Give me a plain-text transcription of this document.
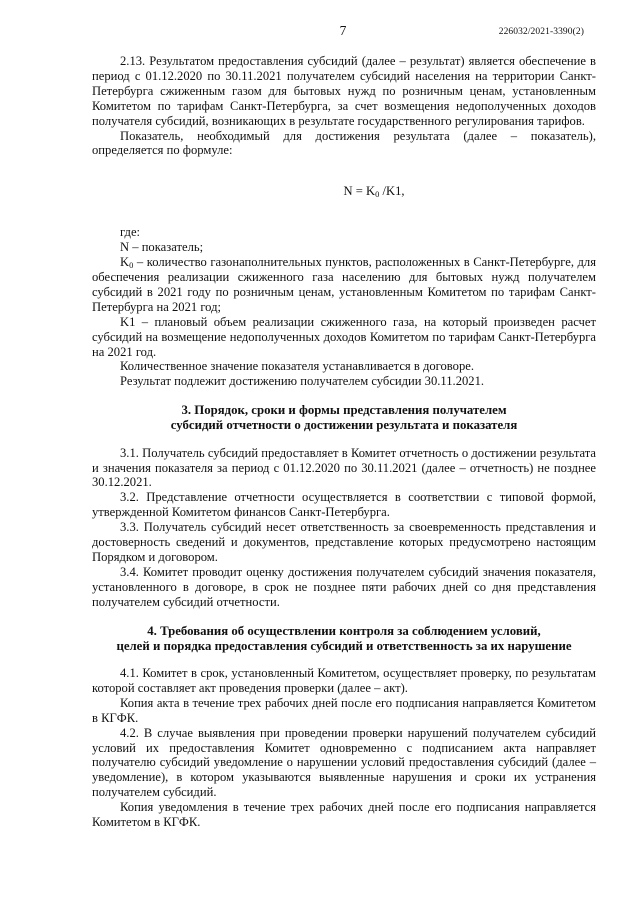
7	226032/2021-3390(2)

2.13. Результатом предоставления субсидий (далее – результат) является обеспечение в период с 01.12.2020 по 30.11.2021 получателем субсидий населения на территории Санкт-Петербурга сжиженным газом для бытовых нужд по розничным ценам, установленным Комитетом по тарифам Санкт-Петербурга, за счет возмещения недополученных доходов получателя субсидий, возникающих в результате государственного регулирования тарифов.

Показатель, необходимый для достижения результата (далее – показатель), определяется по формуле:

$N = K_0$ /K1,

где:

N – показатель;

$K_0$ – количество газонаполнительных пунктов, расположенных в Санкт-Петербурге, для обеспечения реализации сжиженного газа населению для бытовых нужд получателем субсидий в 2021 году по розничным ценам, установленным Комитетом по тарифам Санкт-Петербурга на 2021 год;

K1 – плановый объем реализации сжиженного газа, на который произведен расчет субсидий на возмещение недополученных доходов Комитетом по тарифам Санкт-Петербурга на 2021 год.

Количественное значение показателя устанавливается в договоре.

Результат подлежит достижению получателем субсидии 30.11.2021.

3. Порядок, сроки и формы представления получателем
субсидий отчетности о достижении результата и показателя

3.1. Получатель субсидий предоставляет в Комитет отчетность о достижении результата и значения показателя за период с 01.12.2020 по 30.11.2021 (далее – отчетность) не позднее 30.12.2021.

3.2. Представление отчетности осуществляется в соответствии с типовой формой, утвержденной Комитетом финансов Санкт-Петербурга.

3.3. Получатель субсидий несет ответственность за своевременность представления и достоверность сведений и документов, представление которых предусмотрено настоящим Порядком и договором.

3.4. Комитет проводит оценку достижения получателем субсидий значения показателя, установленного в договоре, в срок не позднее пяти рабочих дней со дня представления получателем субсидий отчетности.

4. Требования об осуществлении контроля за соблюдением условий,
целей и порядка предоставления субсидий и ответственность за их нарушение

4.1. Комитет в срок, установленный Комитетом, осуществляет проверку, по результатам которой составляет акт проведения проверки (далее – акт).

Копия акта в течение трех рабочих дней после его подписания направляется Комитетом в КГФК.

4.2. В случае выявления при проведении проверки нарушений получателем субсидий условий их предоставления Комитет одновременно с подписанием акта направляет получателю субсидий уведомление о нарушении условий предоставления субсидий (далее – уведомление), в котором указываются выявленные нарушения и сроки их устранения получателем субсидий.

Копия уведомления в течение трех рабочих дней после его подписания направляется Комитетом в КГФК.
